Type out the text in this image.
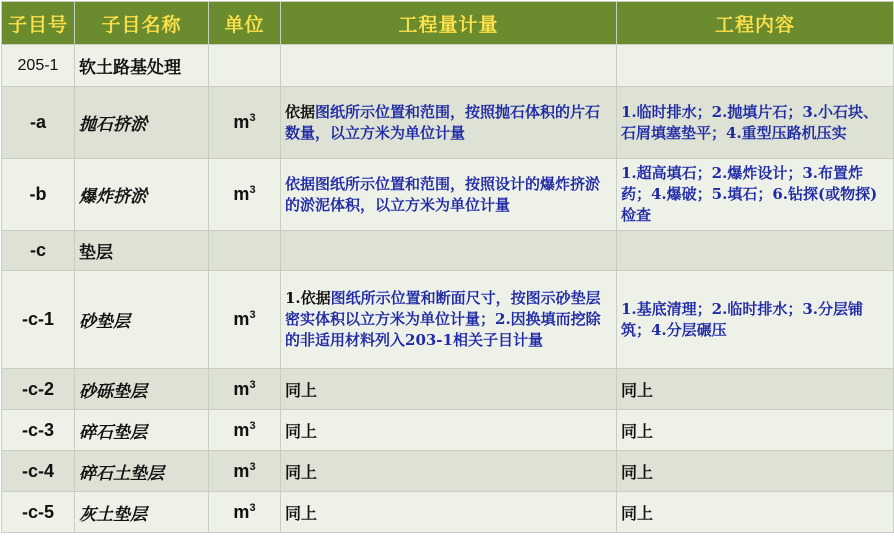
子目号	子目名称	单位	工程量计量	工程内容
205-1	软土路基处理			
-a	抛石挤淤	$m^3$	依据图纸所示位置和范围，按照抛石体积的片石数量，以立方米为单位计量	1.临时排水；2.抛填片石；3.小石块、石屑填塞垫平；4.重型压路机压实
-b	爆炸挤淤	$m^3$	依据图纸所示位置和范围，按照设计的爆炸挤淤的淤泥体积，以立方米为单位计量	1.超高填石；2.爆炸设计；3.布置炸药；4.爆破；5.填石；6.钻探(或物探)检查
-c	垫层			
-c-1	砂垫层	$m^3$	1.依据图纸所示位置和断面尺寸，按图示砂垫层密实体积以立方米为单位计量；2.因换填而挖除的非适用材料列入203-1相关子目计量	1.基底清理；2.临时排水；3.分层铺筑；4.分层碾压
-c-2	砂砾垫层	$m^3$	同上	同上
-c-3	碎石垫层	$m^3$	同上	同上
-c-4	碎石土垫层	$m^3$	同上	同上
-c-5	灰土垫层	$m^3$	同上	同上
